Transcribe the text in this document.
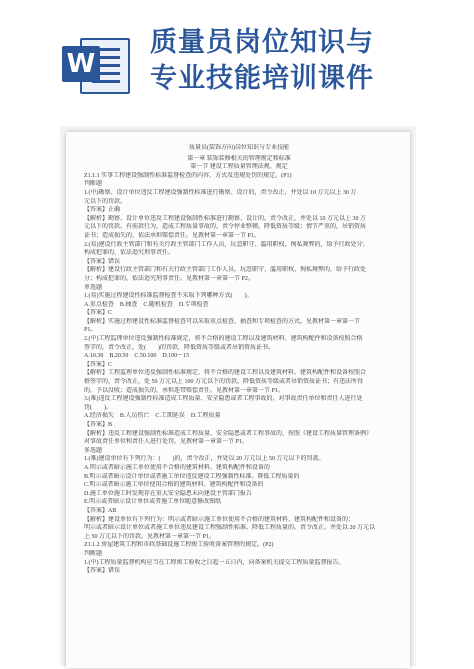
W
质量员岗位知识与
专业技能培训课件

质量员(装饰方向)岗位知识与专业技能

第一章 装饰装修相关的管理规定和标准

第一节 建设工程质量管理法规、规定

Z1.1.1 实事工程建设强制性标准监督检查的内容、方式及违规处罚的规定。(P1)

判断题

1.(中)勘察、设计单位违反工程建设强制性标准进行勘察、设计的，责令改正，并处以 10 万元以上 30 万

元以下的罚款。

【答案】正确

【解析】勘察、设计单位违反工程建设强制性标准进行勘察、设计的，责令改正，并处以 10 万元以上 30 万

元以下的罚款。有前款行为，造成工程质量事故的，责令停业整顿，降低资质等级；情节严重的，吊销资质

证书；造成损失的，依法承担赔偿责任。见教材第一章第一节 P1。

2.(易)建设行政主管部门和有关行政主管部门工作人员，玩忽职守、滥用职权、徇私舞弊的，给予行政处分；

构成犯罪的，依法追究刑事责任。

【答案】错误

【解析】建设行政主管部门和有关行政主管部门工作人员，玩忽职守、滥用职权、徇私舞弊的，给予行政处

分；构成犯罪的，依法追究刑事责任。见教材第一章第一节 P2。

单选题

1.(易)实施过程建设性标准监督检查不采取下列哪种方式(　　)。

A.重点检查　B.抽查　C.随机检查　D.专项检查

【答案】C

【解析】实施过程建设性标准监督检查可以采取重点检查、抽查和专项检查的方式。见教材第一章第一节

P1。

2.(中)工程监理单位违反强制性标准规定，将不合格的建设工程以及建筑材料、建筑构配件和设备按照合格

签字的，责令改正，处(　　)的罚款，降低资质等级或者吊销资质证书。

A.10.30　B.20.50　C.50.100　D.100～15

【答案】C

【解析】工程监理单位违反强制性标准规定，将不合格的建设工程以及建筑材料、建筑构配件和设备按照合

格签字的，责令改正，处 50 万元以上 100 万元以下的罚款，降低资质等级或者吊销资质证书；有违法所得

的，予以没收；造成损失的，承担连带赔偿责任。见教材第一章第一节 P1。

3.(难)违反工程建设强制性标准造成工程质量、安全隐患或者工程事故的，对事故责任单位和责任人进行处

罚(　　)。

A.经济损失　B.人员伤亡　C.工期延误　D.工程质量

【答案】B

【解析】违反工程建设强制性标准造成工程质量、安全隐患或者工程事故的，按照《建设工程质量管理条例》

对事故责任单位和责任人进行处罚。见教材第一章第一节 P1。

多选题

1.(难)建设单位有下列行为：(　　)的，责令改正，并处以 20 万元以上 50 万元以下的罚款。

A.明示或者暗示施工单位使用不合格的建筑材料、建筑构配件和设备的

B.明示或者暗示设计单位或者施工单位违反建设工程强制性标准、降低工程质量的

C.明示或者暗示施工单位使用合格的建筑材料、建筑构配件和设备的

D.施工单位施工时发现存在重大安全隐患未向建设主管部门报告

E.明示或者暗示设计单位或者施工单位随意修改图纸

【答案】AB

【解析】建设单位有下列行为：明示或者暗示施工单位使用不合格的建筑材料、建筑构配件和设备的；

明示或者暗示设计单位或者施工单位违反建设工程强制性标准，降低工程质量的。责令改正，并处以 20 万元以

上 50 万元以下的罚款。见教材第一章第一节 P1。

Z1.1.2 房屋建筑工程和市政基础设施工程竣工验收备案管理的规定。(P2)

判断题

1.(中)工程质量监督机构应当在工程竣工验收之日起一五日内，向备案机关提交工程质量监督报告。

【答案】错误
